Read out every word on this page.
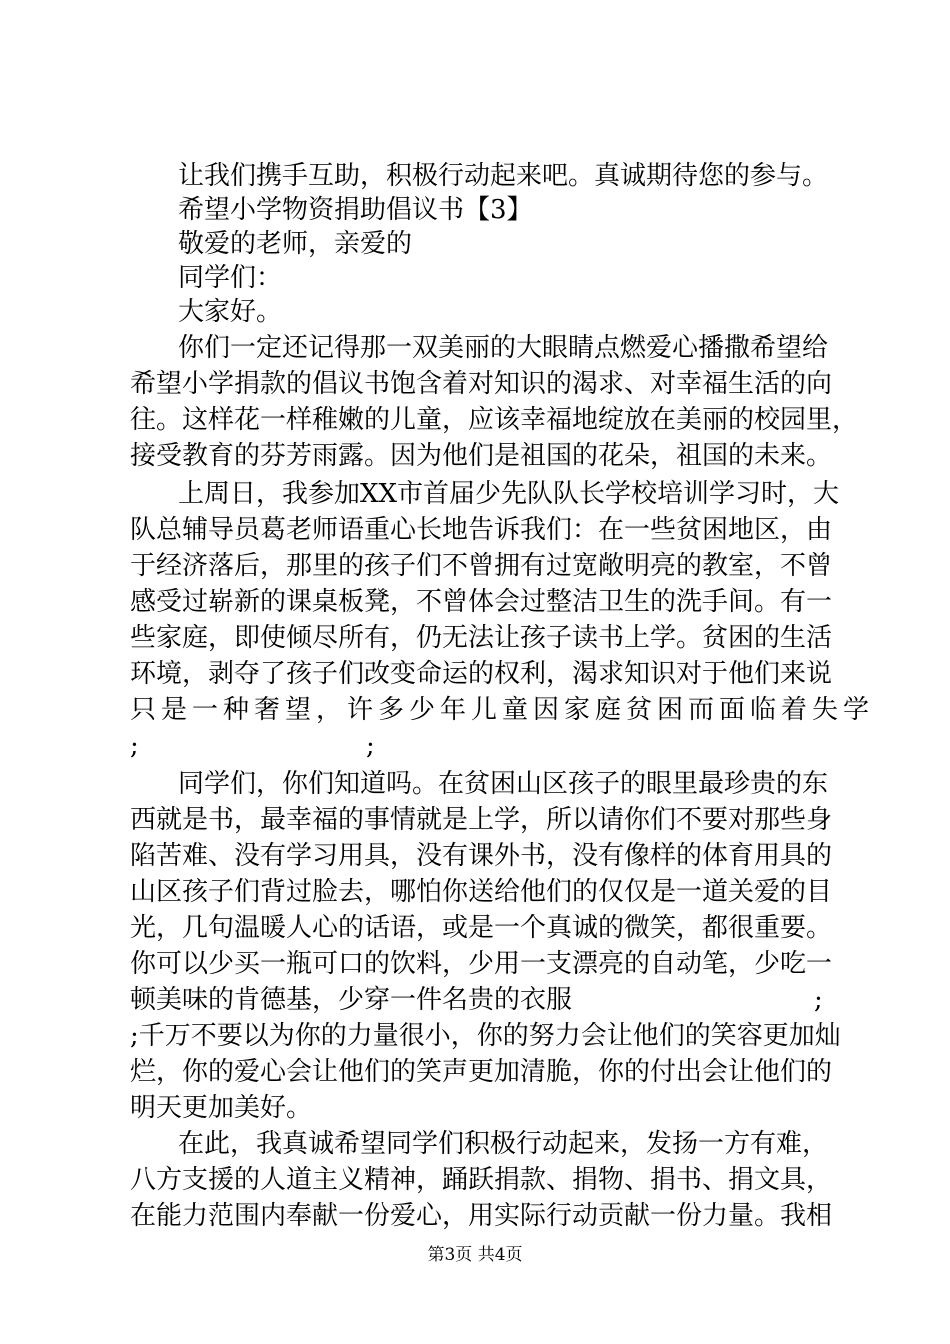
让我们携手互助，积极行动起来吧。真诚期待您的参与。
希望小学物资捐助倡议书【3】
敬爱的老师，亲爱的
同学们：
大家好。
你们一定还记得那一双美丽的大眼睛点燃爱心播撒希望给
希望小学捐款的倡议书饱含着对知识的渴求、对幸福生活的向
往。这样花一样稚嫩的儿童，应该幸福地绽放在美丽的校园里，
接受教育的芬芳雨露。因为他们是祖国的花朵，祖国的未来。
上周日，我参加XX市首届少先队队长学校培训学习时，大
队总辅导员葛老师语重心长地告诉我们：在一些贫困地区，由
于经济落后，那里的孩子们不曾拥有过宽敞明亮的教室，不曾
感受过崭新的课桌板凳，不曾体会过整洁卫生的洗手间。有一
些家庭，即使倾尽所有，仍无法让孩子读书上学。贫困的生活
环境，剥夺了孩子们改变命运的权利，渴求知识对于他们来说
只是一种奢望，许多少年儿童因家庭贫困而面临着失学
;	;
同学们，你们知道吗。在贫困山区孩子的眼里最珍贵的东
西就是书，最幸福的事情就是上学，所以请你们不要对那些身
陷苦难、没有学习用具，没有课外书，没有像样的体育用具的
山区孩子们背过脸去，哪怕你送给他们的仅仅是一道关爱的目
光，几句温暖人心的话语，或是一个真诚的微笑，都很重要。
你可以少买一瓶可口的饮料，少用一支漂亮的自动笔，少吃一
顿美味的肯德基，少穿一件名贵的衣服	;
;千万不要以为你的力量很小，你的努力会让他们的笑容更加灿
烂，你的爱心会让他们的笑声更加清脆，你的付出会让他们的
明天更加美好。
在此，我真诚希望同学们积极行动起来，发扬一方有难，
八方支援的人道主义精神，踊跃捐款、捐物、捐书、捐文具，
在能力范围内奉献一份爱心，用实际行动贡献一份力量。我相
第3页 共4页
